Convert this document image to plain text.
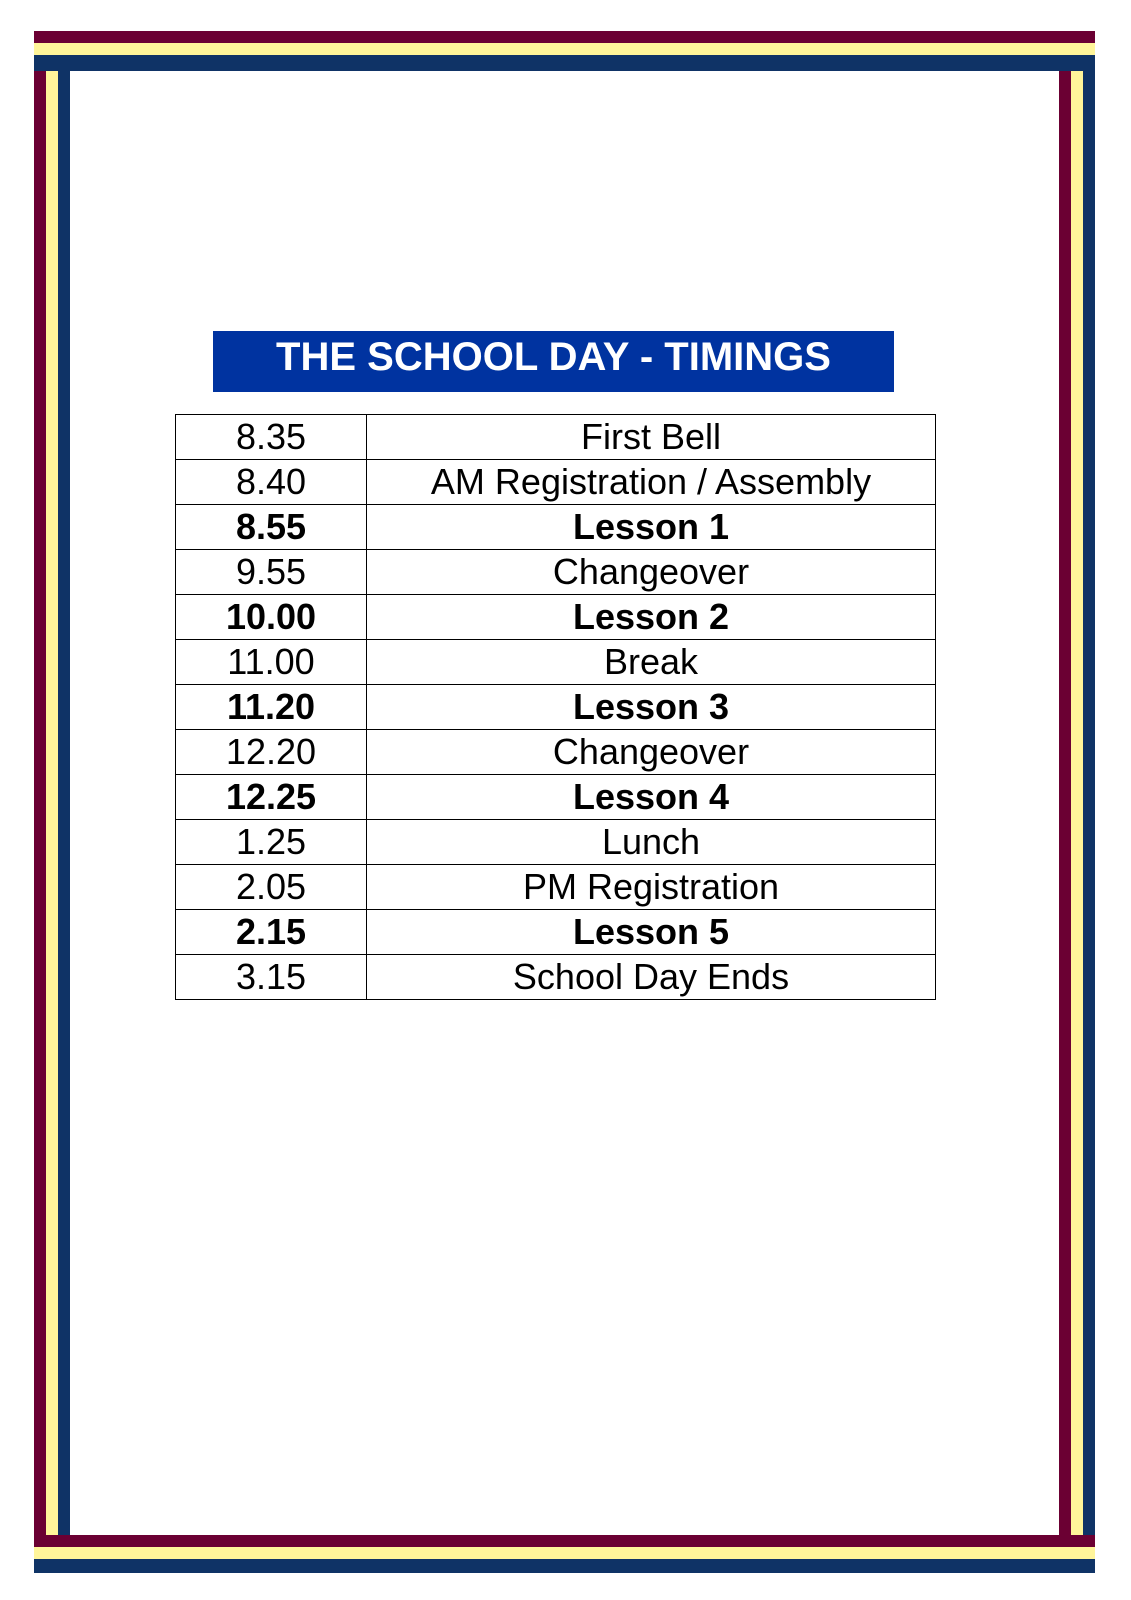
THE SCHOOL DAY - TIMINGS
8.35	First Bell
8.40	AM Registration / Assembly
8.55	Lesson 1
9.55	Changeover
10.00	Lesson 2
11.00	Break
11.20	Lesson 3
12.20	Changeover
12.25	Lesson 4
1.25	Lunch
2.05	PM Registration
2.15	Lesson 5
3.15	School Day Ends
